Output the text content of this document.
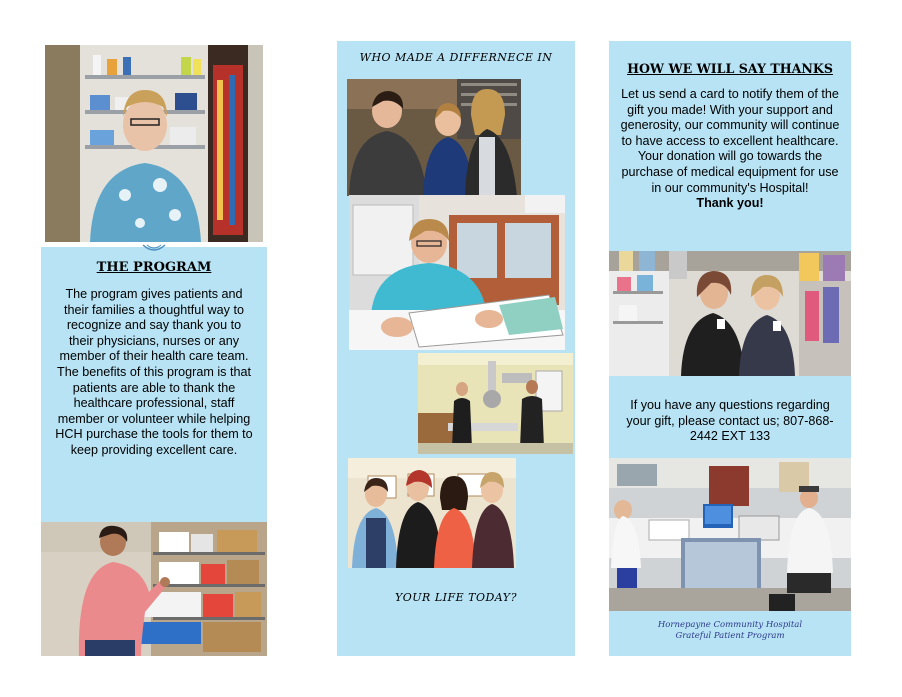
THE PROGRAM
The program gives patients and their families a thoughtful way to recognize and say thank you to their physicians, nurses or any member of their health care team. The benefits of this program is that patients are able to thank the healthcare professional, staff member or volunteer while helping HCH purchase the tools for them to keep providing excellent care.
WHO MADE A DIFFERNECE IN
YOUR LIFE TODAY?
HOW WE WILL SAY THANKS
Let us send a card to notify them of the gift you made! With your support and generosity, our community will continue to have access to excellent healthcare. Your donation will go towards the purchase of medical equipment for use in our community's Hospital!
Thank you!
If you have any questions regarding your gift, please contact us; 807-868-2442 EXT 133
Hornepayne Community Hospital
Grateful Patient Program
